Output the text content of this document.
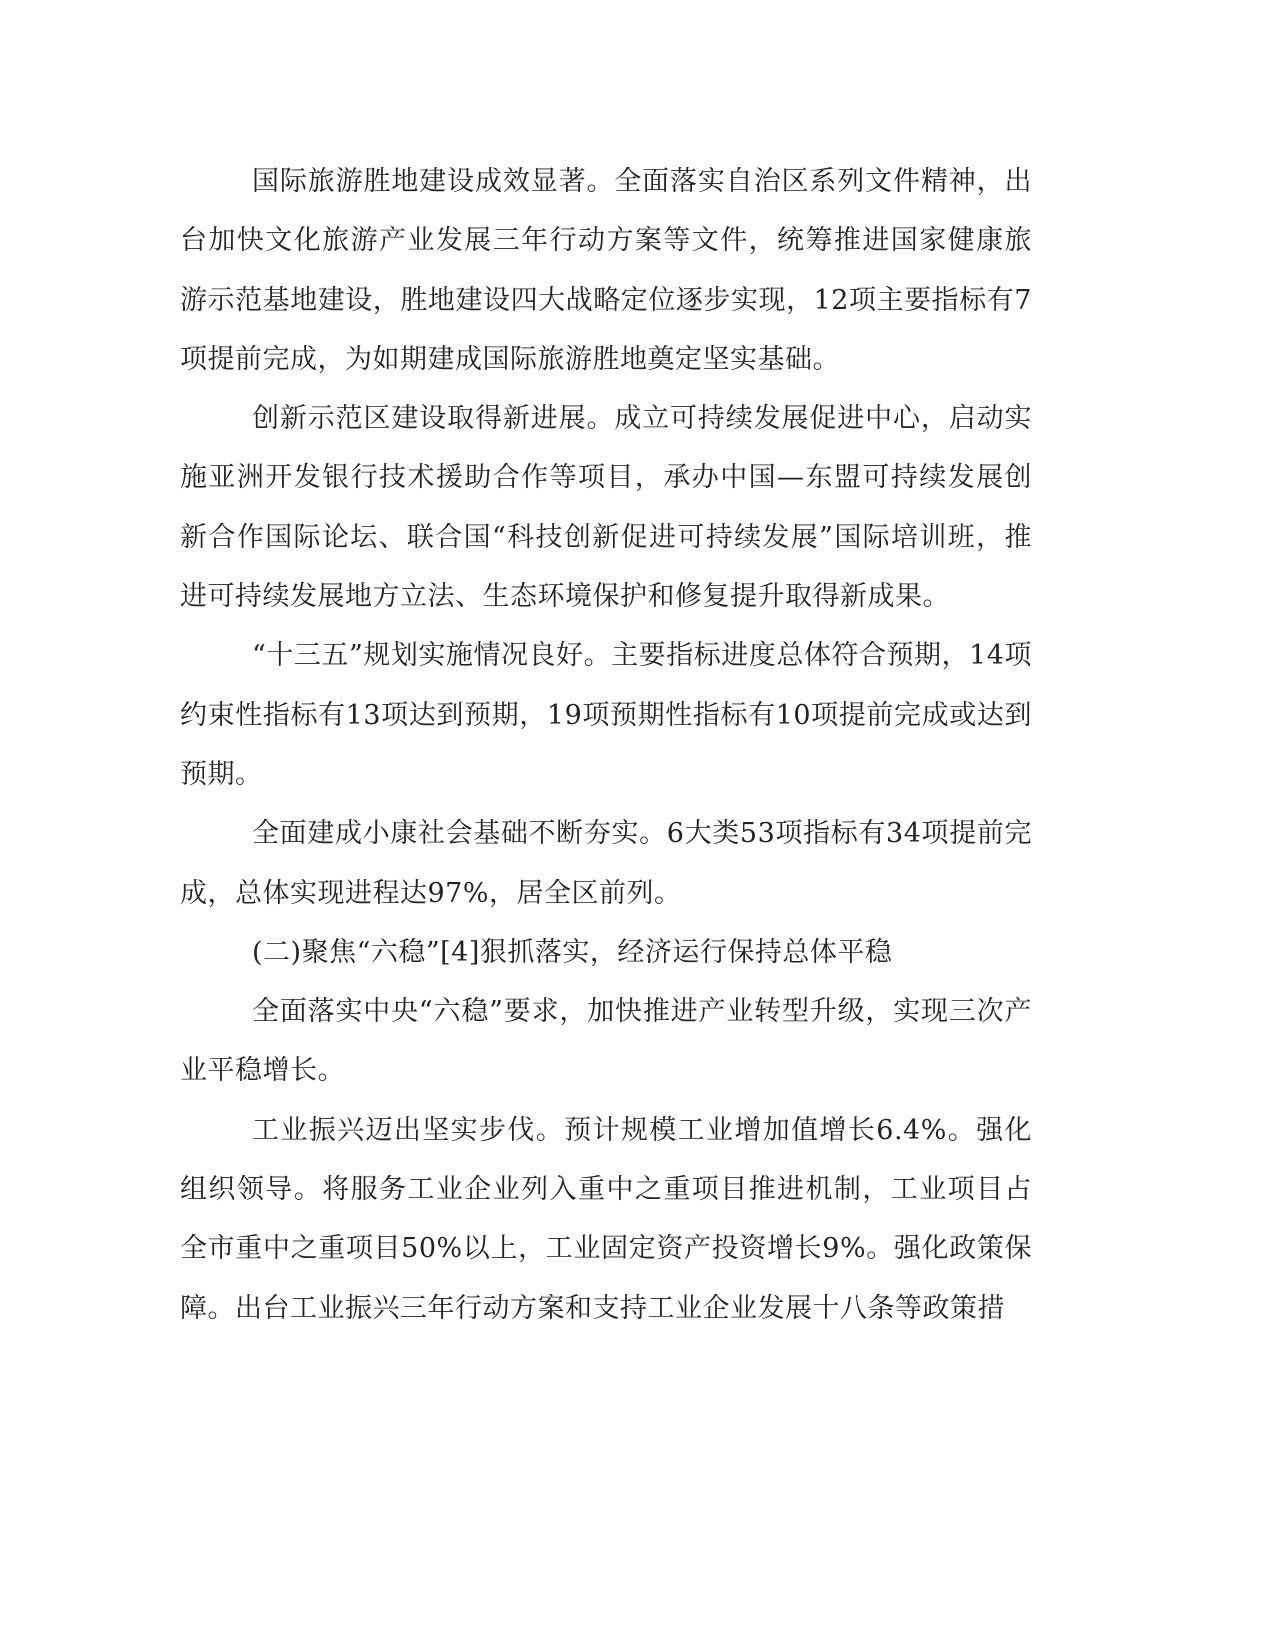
国际旅游胜地建设成效显著。全面落实自治区系列文件精神，出台加快文化旅游产业发展三年行动方案等文件，统筹推进国家健康旅游示范基地建设，胜地建设四大战略定位逐步实现，12项主要指标有7项提前完成，为如期建成国际旅游胜地奠定坚实基础。

创新示范区建设取得新进展。成立可持续发展促进中心，启动实施亚洲开发银行技术援助合作等项目，承办中国—东盟可持续发展创新合作国际论坛、联合国“科技创新促进可持续发展”国际培训班，推进可持续发展地方立法、生态环境保护和修复提升取得新成果。

“十三五”规划实施情况良好。主要指标进度总体符合预期，14项约束性指标有13项达到预期，19项预期性指标有10项提前完成或达到预期。

全面建成小康社会基础不断夯实。6大类53项指标有34项提前完成，总体实现进程达97%，居全区前列。

(二)聚焦“六稳”[4]狠抓落实，经济运行保持总体平稳

全面落实中央“六稳”要求，加快推进产业转型升级，实现三次产业平稳增长。

工业振兴迈出坚实步伐。预计规模工业增加值增长6.4%。强化组织领导。将服务工业企业列入重中之重项目推进机制，工业项目占全市重中之重项目50%以上，工业固定资产投资增长9%。强化政策保障。出台工业振兴三年行动方案和支持工业企业发展十八条等政策措
